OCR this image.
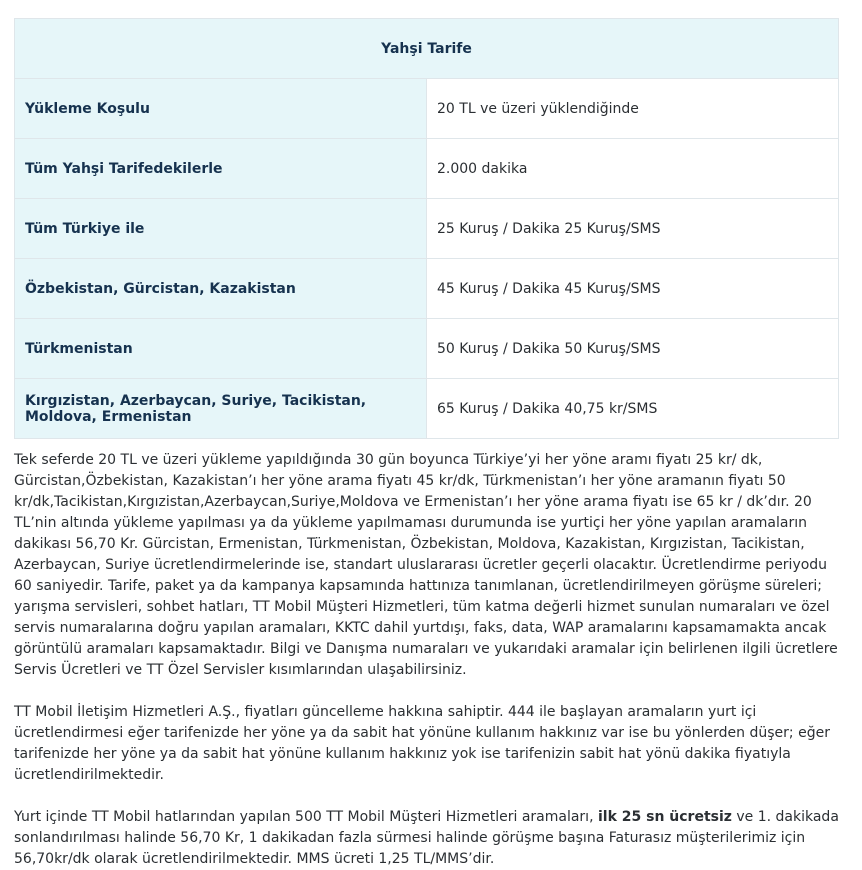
Yahşi Tarife	
Yükleme Koşulu	20 TL ve üzeri yüklendiğinde
Tüm Yahşi Tarifedekilerle	2.000 dakika
Tüm Türkiye ile	25 Kuruş / Dakika 25 Kuruş/SMS
Özbekistan, Gürcistan, Kazakistan	45 Kuruş / Dakika 45 Kuruş/SMS
Türkmenistan	50 Kuruş / Dakika 50 Kuruş/SMS
Kırgızistan, Azerbaycan, Suriye, Tacikistan, Moldova, Ermenistan	65 Kuruş / Dakika 40,75 kr/SMS

Tek seferde 20 TL ve üzeri yükleme yapıldığında 30 gün boyunca Türkiye’yi her yöne aramı fiyatı 25 kr/ dk, Gürcistan,Özbekistan, Kazakistan’ı her yöne arama fiyatı 45 kr/dk, Türkmenistan’ı her yöne aramanın fiyatı 50 kr/dk,Tacikistan,Kırgızistan,Azerbaycan,Suriye,Moldova ve Ermenistan’ı her yöne arama fiyatı ise 65 kr / dk’dır. 20 TL’nin altında yükleme yapılması ya da yükleme yapılmaması durumunda ise yurtiçi her yöne yapılan aramaların dakikası 56,70 Kr. Gürcistan, Ermenistan, Türkmenistan, Özbekistan, Moldova, Kazakistan, Kırgızistan, Tacikistan, Azerbaycan, Suriye ücretlendirmelerinde ise, standart uluslararası ücretler geçerli olacaktır. Ücretlendirme periyodu 60 saniyedir. Tarife, paket ya da kampanya kapsamında hattınıza tanımlanan, ücretlendirilmeyen görüşme süreleri; yarışma servisleri, sohbet hatları, TT Mobil Müşteri Hizmetleri, tüm katma değerli hizmet sunulan numaraları ve özel servis numaralarına doğru yapılan aramaları, KKTC dahil yurtdışı, faks, data, WAP aramalarını kapsamamakta ancak görüntülü aramaları kapsamaktadır. Bilgi ve Danışma numaraları ve yukarıdaki aramalar için belirlenen ilgili ücretlere Servis Ücretleri ve TT Özel Servisler kısımlarından ulaşabilirsiniz.

TT Mobil İletişim Hizmetleri A.Ş., fiyatları güncelleme hakkına sahiptir. 444 ile başlayan aramaların yurt içi ücretlendirmesi eğer tarifenizde her yöne ya da sabit hat yönüne kullanım hakkınız var ise bu yönlerden düşer; eğer tarifenizde her yöne ya da sabit hat yönüne kullanım hakkınız yok ise tarifenizin sabit hat yönü dakika fiyatıyla ücretlendirilmektedir.

Yurt içinde TT Mobil hatlarından yapılan 500 TT Mobil Müşteri Hizmetleri aramaları, ilk 25 sn ücretsiz ve 1. dakikada sonlandırılması halinde 56,70 Kr, 1 dakikadan fazla sürmesi halinde görüşme başına Faturasız müşterilerimiz için 56,70kr/dk olarak ücretlendirilmektedir. MMS ücreti 1,25 TL/MMS’dir.
